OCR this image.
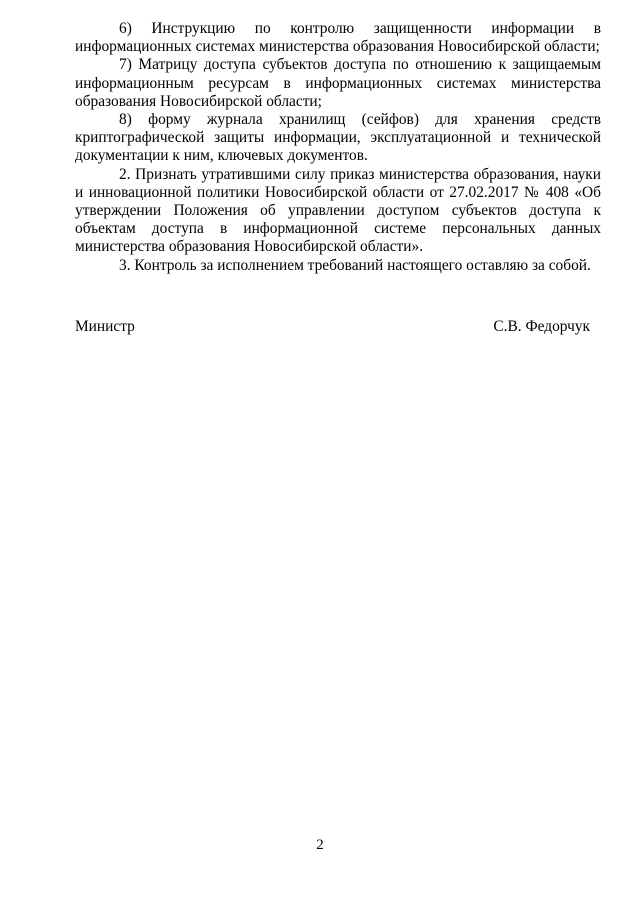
6) Инструкцию по контролю защищенности информации в информационных системах министерства образования Новосибирской области;

7) Матрицу доступа субъектов доступа по отношению к защищаемым информационным ресурсам в информационных системах министерства образования Новосибирской области;

8) форму журнала хранилищ (сейфов) для хранения средств криптографической защиты информации, эксплуатационной и технической документации к ним, ключевых документов.

2. Признать утратившими силу приказ министерства образования, науки и инновационной политики Новосибирской области от 27.02.2017 № 408 «Об утверждении Положения об управлении доступом субъектов доступа к объектам доступа в информационной системе персональных данных министерства образования Новосибирской области».

3. Контроль за исполнением требований настоящего оставляю за собой.

Министр	С.В. Федорчук
2
